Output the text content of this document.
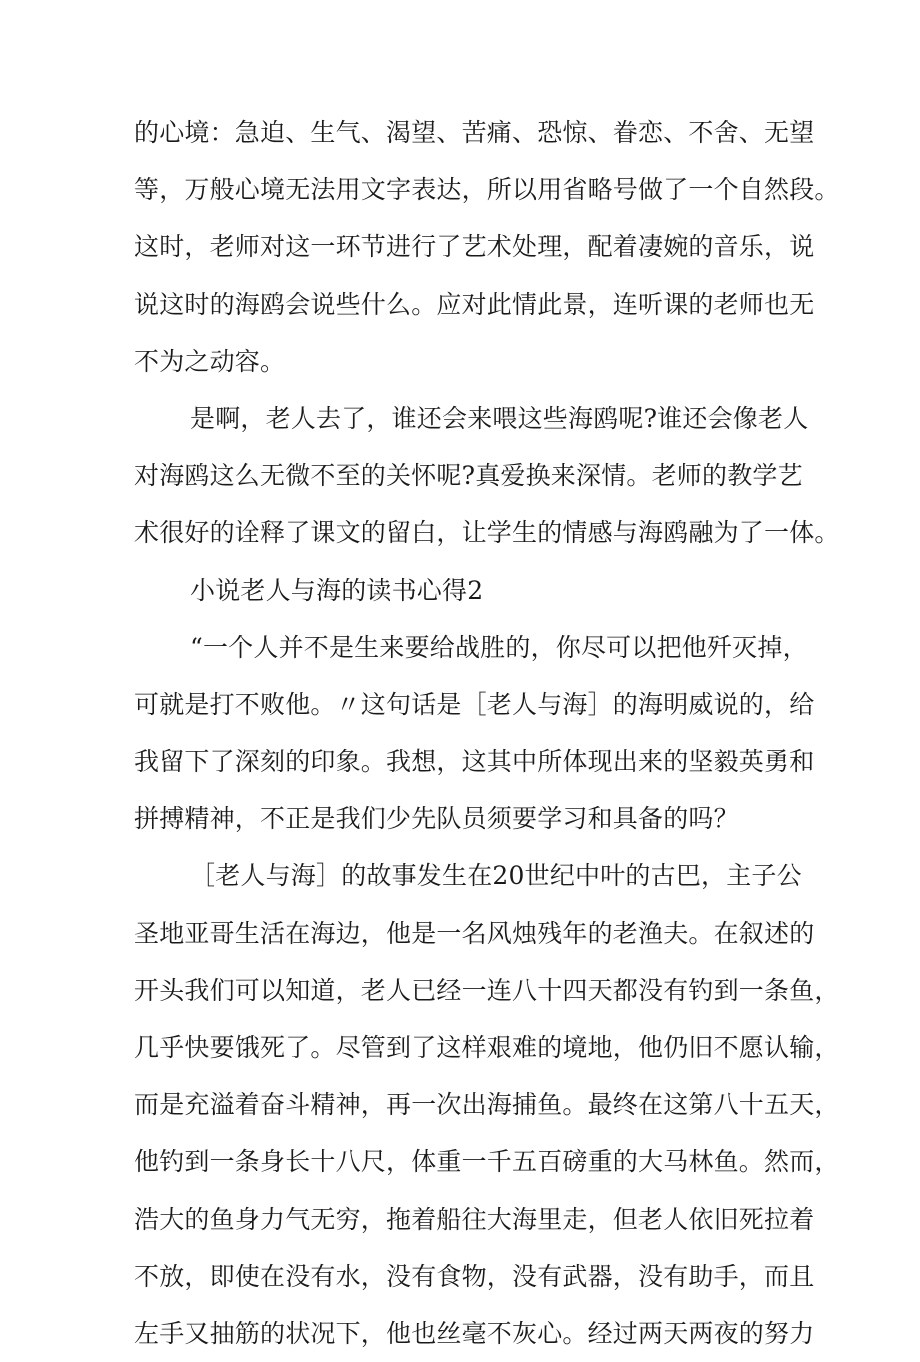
的心境：急迫、生气、渴望、苦痛、恐惊、眷恋、不舍、无望
等，万般心境无法用文字表达，所以用省略号做了一个自然段。
这时，老师对这一环节进行了艺术处理，配着凄婉的音乐，说
说这时的海鸥会说些什么。应对此情此景，连听课的老师也无
不为之动容。
是啊，老人去了，谁还会来喂这些海鸥呢?谁还会像老人
对海鸥这么无微不至的关怀呢?真爱换来深情。老师的教学艺
术很好的诠释了课文的留白，让学生的情感与海鸥融为了一体。
小说老人与海的读书心得2
“一个人并不是生来要给战胜的，你尽可以把他歼灭掉，
可就是打不败他。〃这句话是［老人与海］的海明威说的，给
我留下了深刻的印象。我想，这其中所体现出来的坚毅英勇和
拼搏精神，不正是我们少先队员须要学习和具备的吗？
［老人与海］的故事发生在20世纪中叶的古巴，主子公
圣地亚哥生活在海边，他是一名风烛残年的老渔夫。在叙述的
开头我们可以知道，老人已经一连八十四天都没有钓到一条鱼，
几乎快要饿死了。尽管到了这样艰难的境地，他仍旧不愿认输，
而是充溢着奋斗精神，再一次出海捕鱼。最终在这第八十五天，
他钓到一条身长十八尺，体重一千五百磅重的大马林鱼。然而，
浩大的鱼身力气无穷，拖着船往大海里走，但老人依旧死拉着
不放，即使在没有水，没有食物，没有武器，没有助手，而且
左手又抽筋的状况下，他也丝毫不灰心。经过两天两夜的努力
